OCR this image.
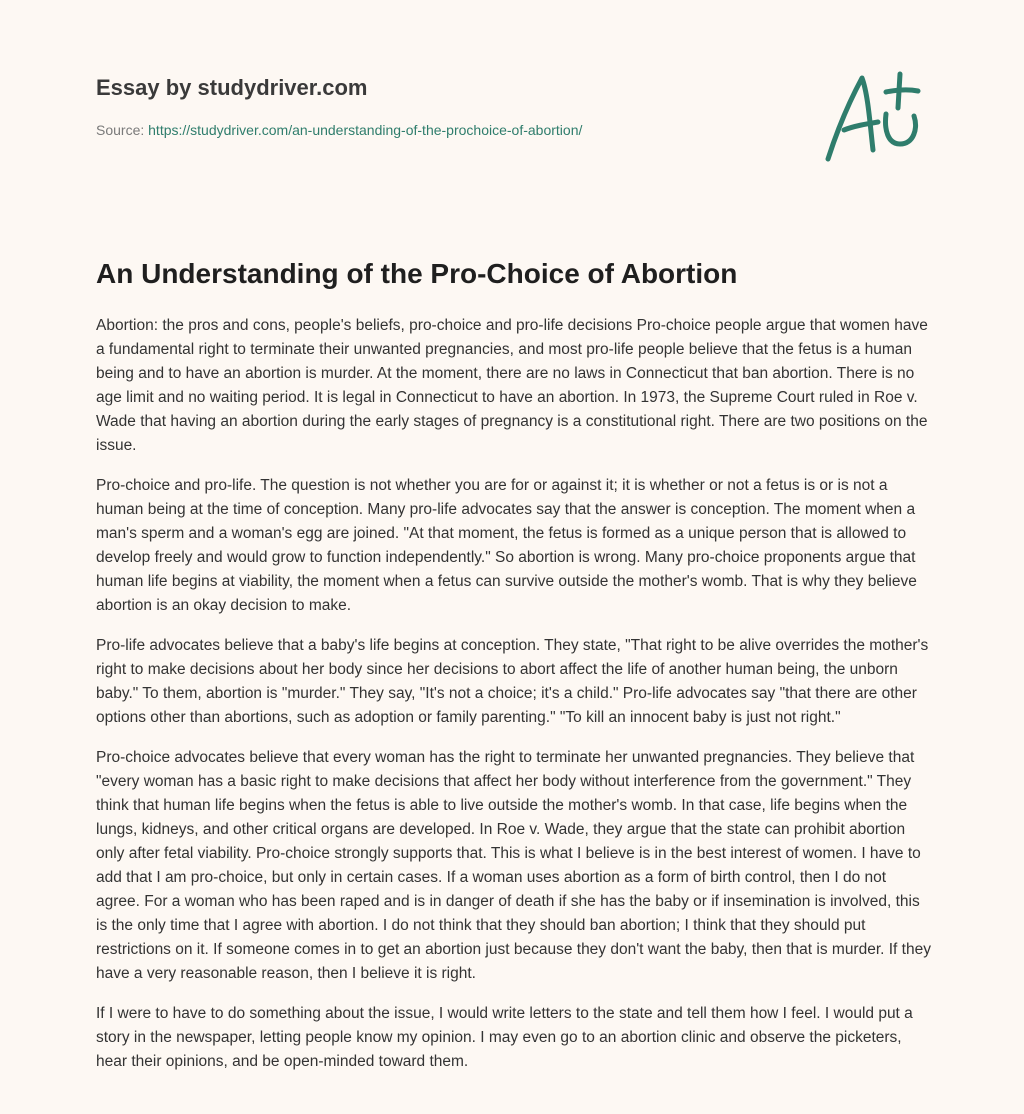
Essay by studydriver.com
Source: https://studydriver.com/an-understanding-of-the-prochoice-of-abortion/
An Understanding of the Pro-Choice of Abortion

Abortion: the pros and cons, people's beliefs, pro-choice and pro-life decisions Pro-choice people argue that women have a fundamental right to terminate their unwanted pregnancies, and most pro-life people believe that the fetus is a human being and to have an abortion is murder. At the moment, there are no laws in Connecticut that ban abortion. There is no age limit and no waiting period. It is legal in Connecticut to have an abortion. In 1973, the Supreme Court ruled in Roe v. Wade that having an abortion during the early stages of pregnancy is a constitutional right. There are two positions on the issue.

Pro-choice and pro-life. The question is not whether you are for or against it; it is whether or not a fetus is or is not a human being at the time of conception. Many pro-life advocates say that the answer is conception. The moment when a man's sperm and a woman's egg are joined. "At that moment, the fetus is formed as a unique person that is allowed to develop freely and would grow to function independently." So abortion is wrong. Many pro-choice proponents argue that human life begins at viability, the moment when a fetus can survive outside the mother's womb. That is why they believe abortion is an okay decision to make.

Pro-life advocates believe that a baby's life begins at conception. They state, "That right to be alive overrides the mother's right to make decisions about her body since her decisions to abort affect the life of another human being, the unborn baby." To them, abortion is "murder." They say, "It's not a choice; it's a child." Pro-life advocates say "that there are other options other than abortions, such as adoption or family parenting." "To kill an innocent baby is just not right."

Pro-choice advocates believe that every woman has the right to terminate her unwanted pregnancies. They believe that "every woman has a basic right to make decisions that affect her body without interference from the government." They think that human life begins when the fetus is able to live outside the mother's womb. In that case, life begins when the lungs, kidneys, and other critical organs are developed. In Roe v. Wade, they argue that the state can prohibit abortion only after fetal viability. Pro-choice strongly supports that. This is what I believe is in the best interest of women. I have to add that I am pro-choice, but only in certain cases. If a woman uses abortion as a form of birth control, then I do not agree. For a woman who has been raped and is in danger of death if she has the baby or if insemination is involved, this is the only time that I agree with abortion. I do not think that they should ban abortion; I think that they should put restrictions on it. If someone comes in to get an abortion just because they don't want the baby, then that is murder. If they have a very reasonable reason, then I believe it is right.

If I were to have to do something about the issue, I would write letters to the state and tell them how I feel. I would put a story in the newspaper, letting people know my opinion. I may even go to an abortion clinic and observe the picketers, hear their opinions, and be open-minded toward them.
